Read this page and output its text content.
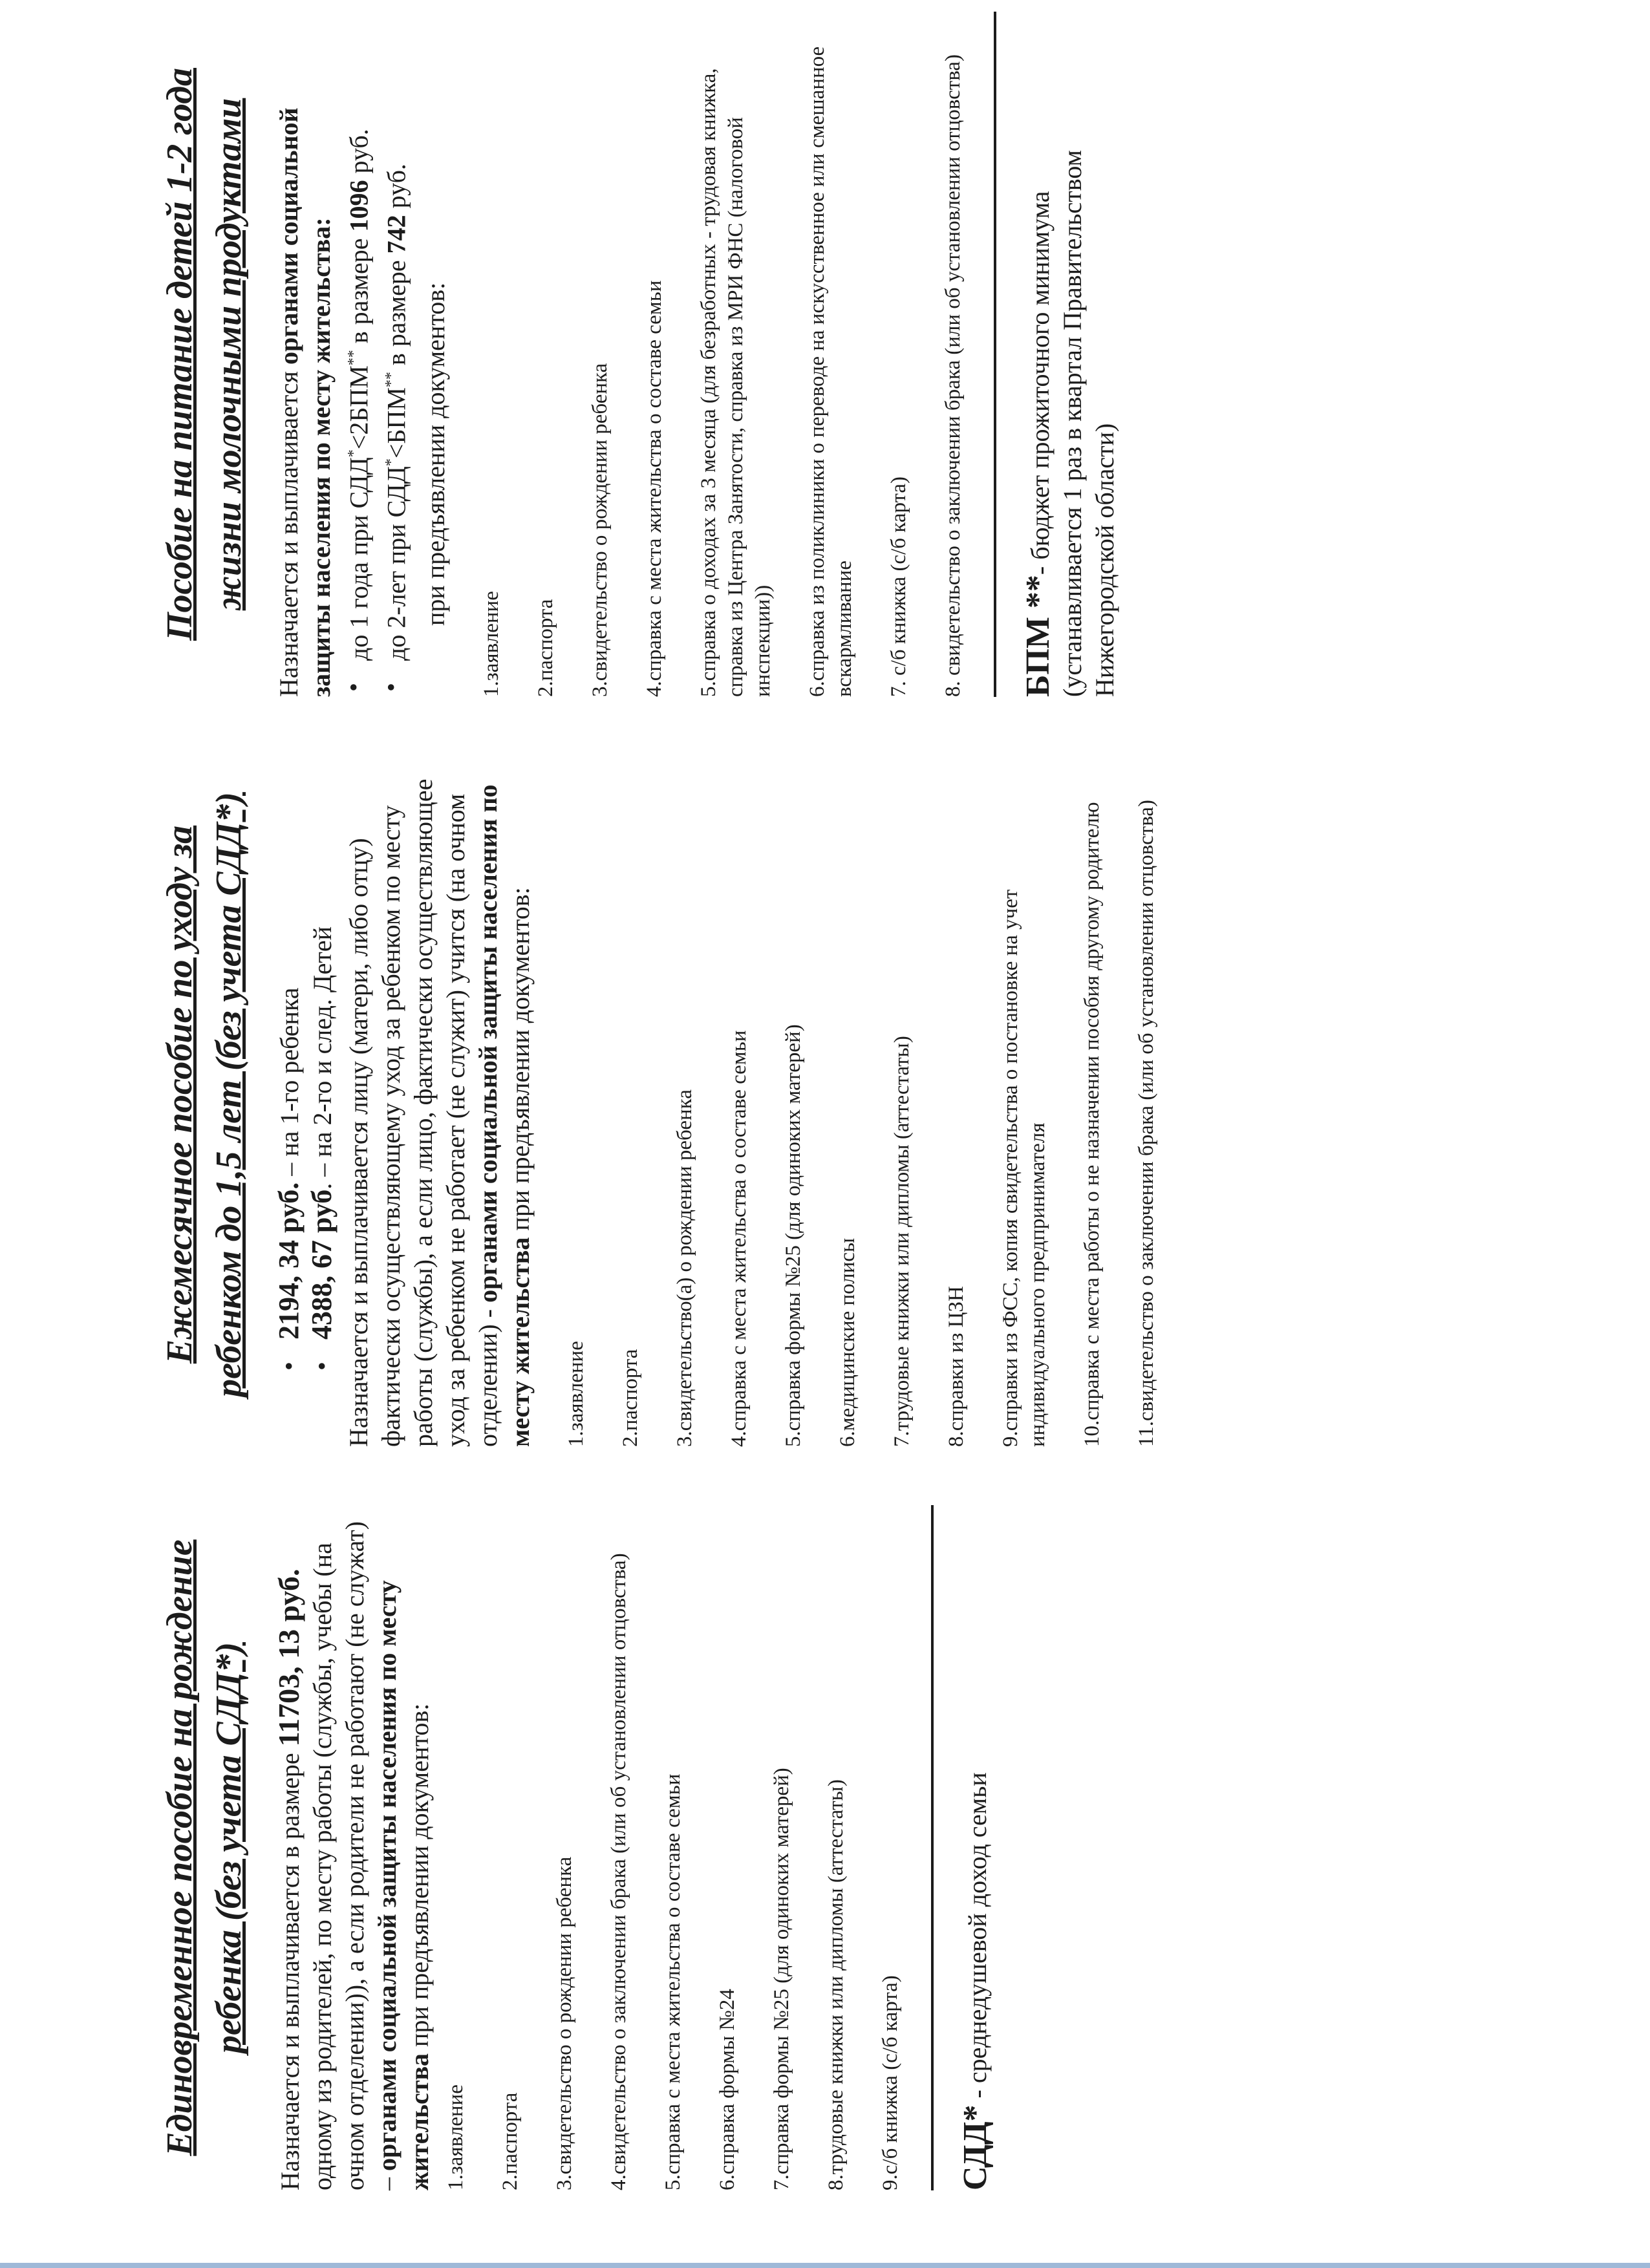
Единовременное пособие на рождение ребенка (без учета СДД*) Назначается и выплачивается в размере 11703, 13 руб. одному из родителей, по месту работы (службы, учебы (на очном отделении)), а если родители не работают (не служат) – органами социальной защиты населения по месту жительства при предъявлении документов:

1.заявление 2.паспорта 3.свидетельство о рождении ребенка 4.свидетельство о заключении брака (или об установлении отцовства) 5.справка с места жительства о составе семьи 6.справка формы №24 7.справка формы №25 (для одиноких матерей) 8.трудовые книжки или дипломы (аттестаты) 9.с/б книжка (с/б карта) СДД* - среднедушевой доход семьи

Ежемесячное пособие по уходу за ребенком до 1,5 лет (без учета СДД*) • 2194, 34 руб. – на 1-го ребенка
• 4388, 67 руб. – на 2-го и след. Детей Назначается и выплачивается лицу (матери, либо отцу) фактически осуществляющему уход за ребенком по месту работы (службы), а если лицо, фактически осуществляющее уход за ребенком не работает (не служит) учится (на очном отделении) - органами социальной защиты населения по месту жительства при предъявлении документов:

1.заявление 2.паспорта 3.свидетельство(а) о рождении ребенка 4.справка с места жительства о составе семьи 5.справка формы №25 (для одиноких матерей) 6.медицинские полисы 7.трудовые книжки или дипломы (аттестаты) 8.справки из ЦЗН 9.справки из ФСС, копия свидетельства о постановке на учет индивидуального предпринимателя 10.справка с места работы о не назначении пособия другому родителю 11.свидетельство о заключении брака (или об установлении отцовства)
Пособие на питание детей 1-2 года жизни молочными продуктами Назначается и выплачивается органами социальной защиты населения по месту жительства: • до 1 года при СДД*<2БПМ** в размере 1096 руб.
• до 2-лет при СДД*<БПМ** в размере 742 руб.

при предъявлении документов:

1.заявление 2.паспорта 3.свидетельство о рождении ребенка 4.справка с места жительства о составе семьи 5.справка о доходах за 3 месяца (для безработных - трудовая книжка, справка из Центра Занятости, справка из МРИ ФНС (налоговой инспекции)) 6.справка из поликлиники о переводе на искусственное или смешанное вскармливание 7. с/б книжка (с/б карта) 8. свидетельство о заключении брака (или об установлении отцовства) БПМ **- бюджет прожиточного минимума (устанавливается 1 раз в квартал Правительством Нижегородской области)
